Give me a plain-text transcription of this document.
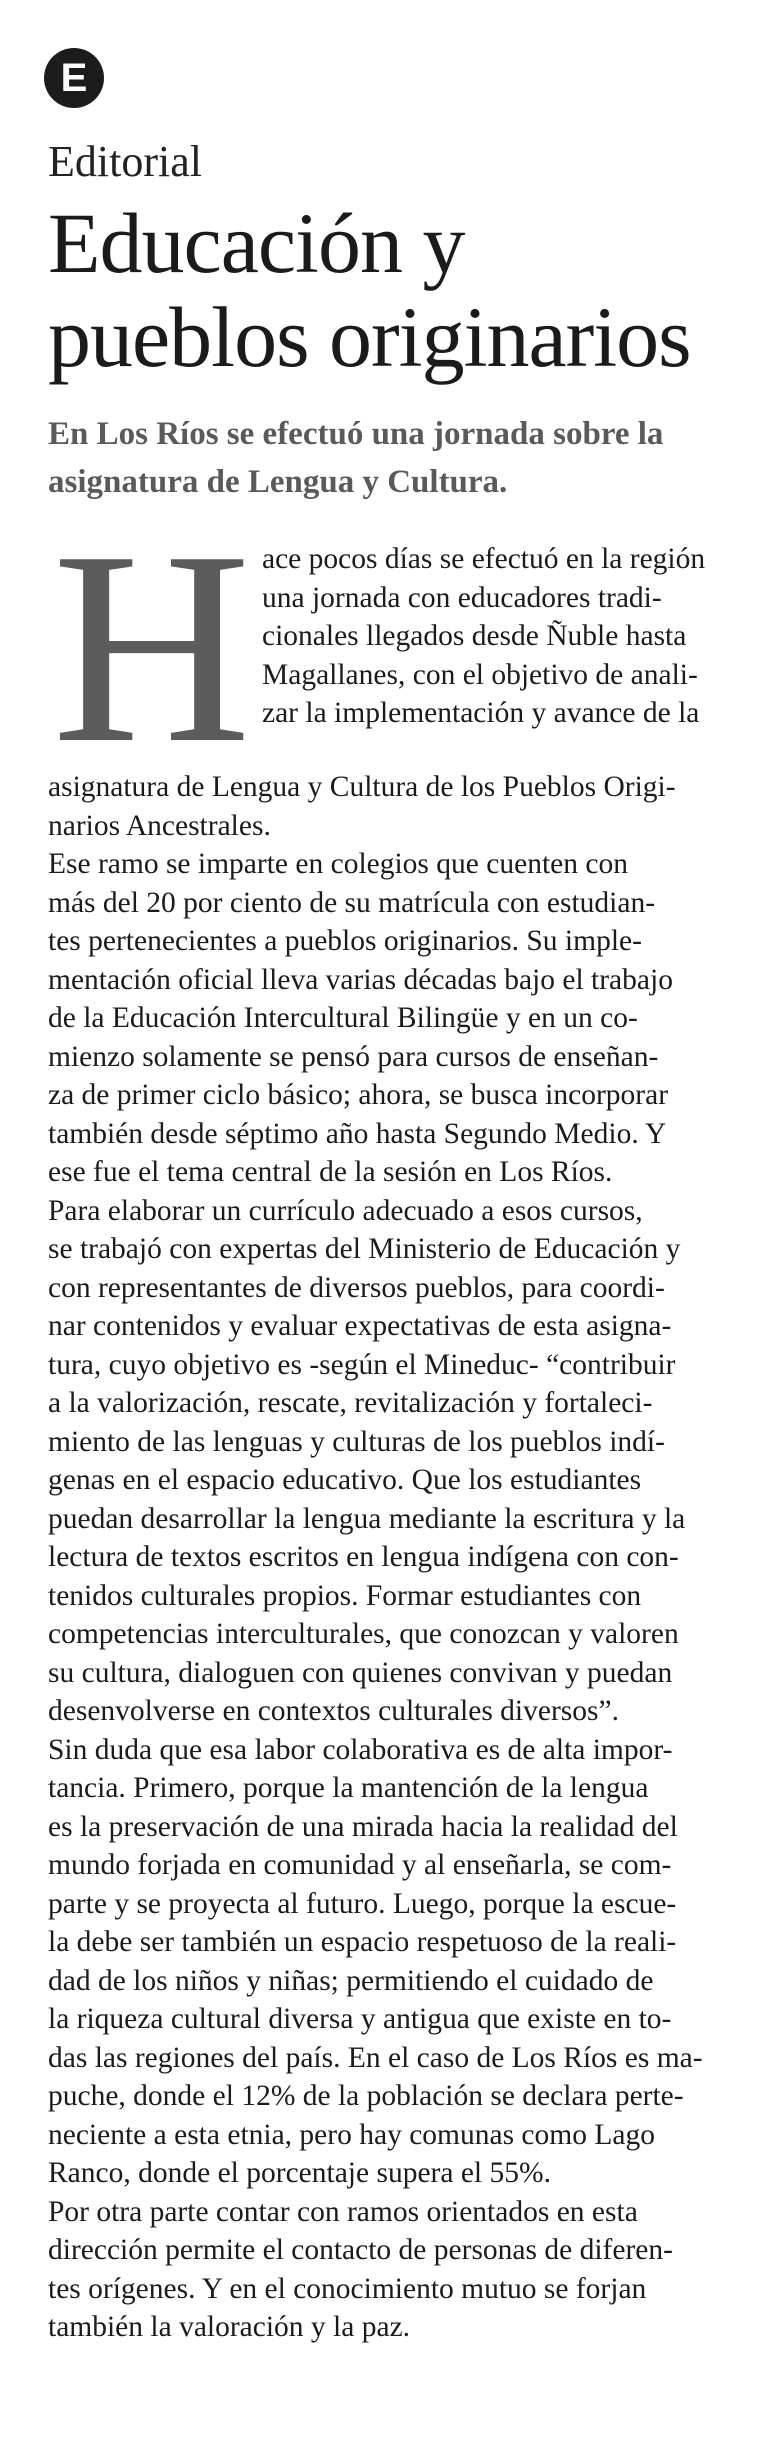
E
Editorial
Educación y
pueblos originarios
En Los Ríos se efectuó una jornada sobre la
asignatura de Lengua y Cultura.
H ace pocos días se efectuó en la región
una jornada con educadores tradi-
cionales llegados desde Ñuble hasta
Magallanes, con el objetivo de anali-
zar la implementación y avance de la
asignatura de Lengua y Cultura de los Pueblos Origi-
narios Ancestrales.
Ese ramo se imparte en colegios que cuenten con
más del 20 por ciento de su matrícula con estudian-
tes pertenecientes a pueblos originarios. Su imple-
mentación oficial lleva varias décadas bajo el trabajo
de la Educación Intercultural Bilingüe y en un co-
mienzo solamente se pensó para cursos de enseñan-
za de primer ciclo básico; ahora, se busca incorporar
también desde séptimo año hasta Segundo Medio. Y
ese fue el tema central de la sesión en Los Ríos.
Para elaborar un currículo adecuado a esos cursos,
se trabajó con expertas del Ministerio de Educación y
con representantes de diversos pueblos, para coordi-
nar contenidos y evaluar expectativas de esta asigna-
tura, cuyo objetivo es -según el Mineduc- “contribuir
a la valorización, rescate, revitalización y fortaleci-
miento de las lenguas y culturas de los pueblos indí-
genas en el espacio educativo. Que los estudiantes
puedan desarrollar la lengua mediante la escritura y la
lectura de textos escritos en lengua indígena con con-
tenidos culturales propios. Formar estudiantes con
competencias interculturales, que conozcan y valoren
su cultura, dialoguen con quienes convivan y puedan
desenvolverse en contextos culturales diversos”.
Sin duda que esa labor colaborativa es de alta impor-
tancia. Primero, porque la mantención de la lengua
es la preservación de una mirada hacia la realidad del
mundo forjada en comunidad y al enseñarla, se com-
parte y se proyecta al futuro. Luego, porque la escue-
la debe ser también un espacio respetuoso de la reali-
dad de los niños y niñas; permitiendo el cuidado de
la riqueza cultural diversa y antigua que existe en to-
das las regiones del país. En el caso de Los Ríos es ma-
puche, donde el 12% de la población se declara perte-
neciente a esta etnia, pero hay comunas como Lago
Ranco, donde el porcentaje supera el 55%.
Por otra parte contar con ramos orientados en esta
dirección permite el contacto de personas de diferen-
tes orígenes. Y en el conocimiento mutuo se forjan
también la valoración y la paz.
